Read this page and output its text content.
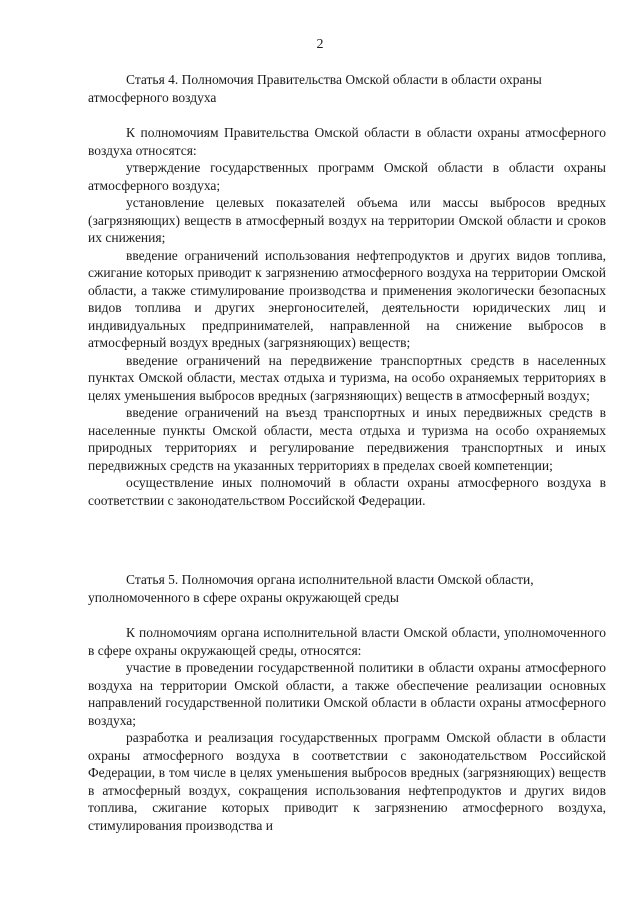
2

Статья 4. Полномочия Правительства Омской области в области охраны атмосферного воздуха

К полномочиям Правительства Омской области в области охраны атмосферного воздуха относятся:

утверждение государственных программ Омской области в области охраны атмосферного воздуха;

установление целевых показателей объема или массы выбросов вредных (загрязняющих) веществ в атмосферный воздух на территории Омской области и сроков их снижения;

введение ограничений использования нефтепродуктов и других видов топлива, сжигание которых приводит к загрязнению атмосферного воздуха на территории Омской области, а также стимулирование производства и применения экологически безопасных видов топлива и других энергоносителей, деятельности юридических лиц и индивидуальных предпринимателей, направленной на снижение выбросов в атмосферный воздух вредных (загрязняющих) веществ;

введение ограничений на передвижение транспортных средств в населенных пунктах Омской области, местах отдыха и туризма, на особо охраняемых территориях в целях уменьшения выбросов вредных (загрязняющих) веществ в атмосферный воздух;

введение ограничений на въезд транспортных и иных передвижных средств в населенные пункты Омской области, места отдыха и туризма на особо охраняемых природных территориях и регулирование передвижения транспортных и иных передвижных средств на указанных территориях в пределах своей компетенции;

осуществление иных полномочий в области охраны атмосферного воздуха в соответствии с законодательством Российской Федерации.

Статья 5. Полномочия органа исполнительной власти Омской области, уполномоченного в сфере охраны окружающей среды

К полномочиям органа исполнительной власти Омской области, уполномоченного в сфере охраны окружающей среды, относятся:

участие в проведении государственной политики в области охраны атмосферного воздуха на территории Омской области, а также обеспечение реализации основных направлений государственной политики Омской области в области охраны атмосферного воздуха;

разработка и реализация государственных программ Омской области в области охраны атмосферного воздуха в соответствии с законодательством Российской Федерации, в том числе в целях уменьшения выбросов вредных (загрязняющих) веществ в атмосферный воздух, сокращения использования нефтепродуктов и других видов топлива, сжигание которых приводит к загрязнению атмосферного воздуха, стимулирования производства и
